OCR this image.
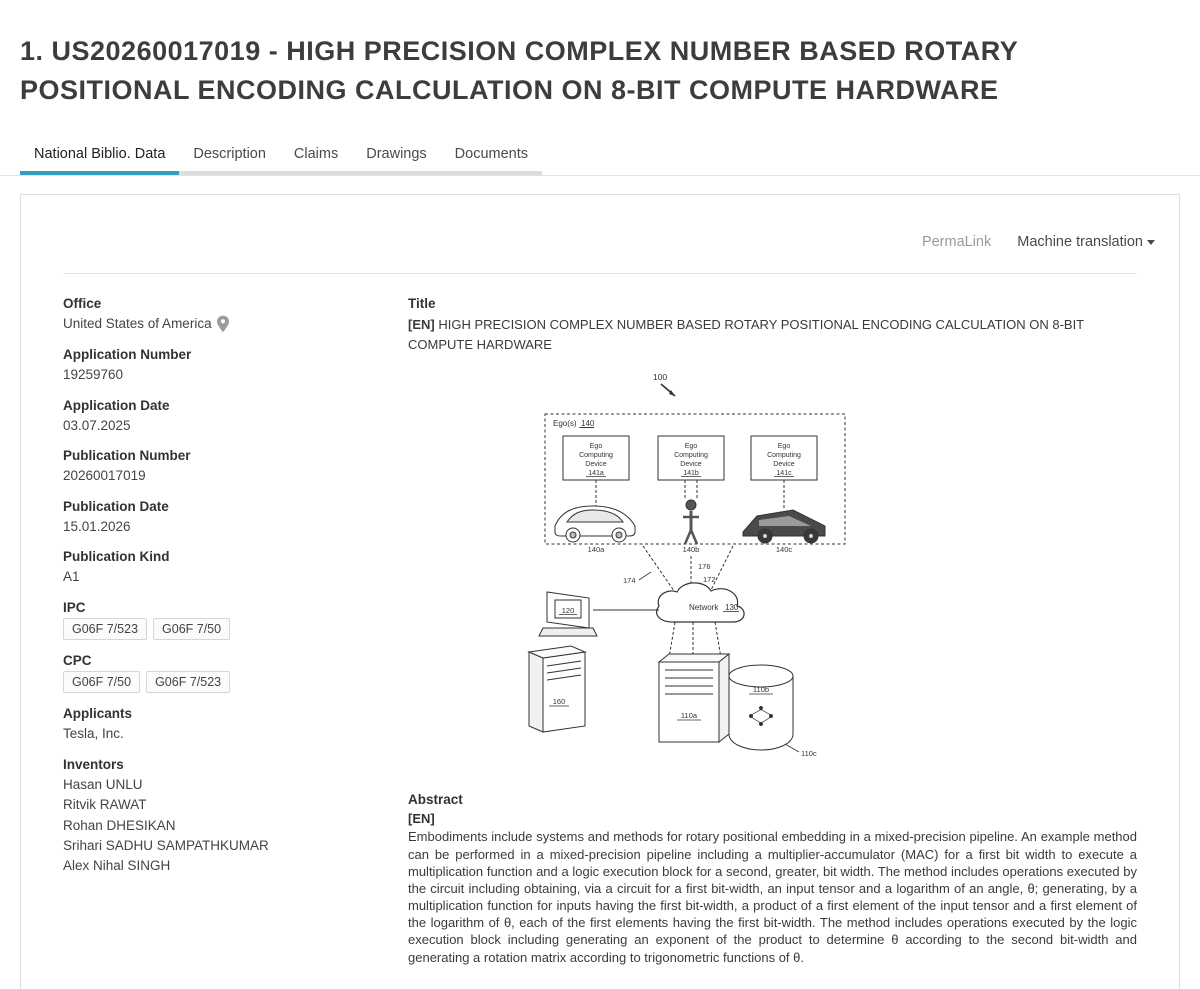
1. US20260017019 - HIGH PRECISION COMPLEX NUMBER BASED ROTARY POSITIONAL ENCODING CALCULATION ON 8-BIT COMPUTE HARDWARE
National Biblio. Data	Description	Claims	Drawings	Documents
PermaLink Machine translation
Office
United States of America
Application Number
19259760
Application Date
03.07.2025
Publication Number
20260017019
Publication Date
15.01.2026
Publication Kind
A1
IPC
G06F 7/523	G06F 7/50
CPC
G06F 7/50	G06F 7/523
Applicants
Tesla, Inc.
Inventors
Hasan UNLU
Ritvik RAWAT
Rohan DHESIKAN
Srihari SADHU SAMPATHKUMAR
Alex Nihal SINGH
Title
[EN] HIGH PRECISION COMPLEX NUMBER BASED ROTARY POSITIONAL ENCODING CALCULATION ON 8-BIT COMPUTE HARDWARE
100
Ego(s) 140
Ego
Computing
Device
141a
Ego
Computing
Device
141b
Ego
Computing
Device
141c
140a	140b	140c
174
176
172
Network 130
120
160
110a
110b
110c
Abstract
[EN]
Embodiments include systems and methods for rotary positional embedding in a mixed-precision pipeline. An example method can be performed in a mixed-precision pipeline including a multiplier-accumulator (MAC) for a first bit width to execute a multiplication function and a logic execution block for a second, greater, bit width. The method includes operations executed by the circuit including obtaining, via a circuit for a first bit-width, an input tensor and a logarithm of an angle, θ; generating, by a multiplication function for inputs having the first bit-width, a product of a first element of the input tensor and a first element of the logarithm of θ, each of the first elements having the first bit-width. The method includes operations executed by the logic execution block including generating an exponent of the product to determine θ according to the second bit-width and generating a rotation matrix according to trigonometric functions of θ.
